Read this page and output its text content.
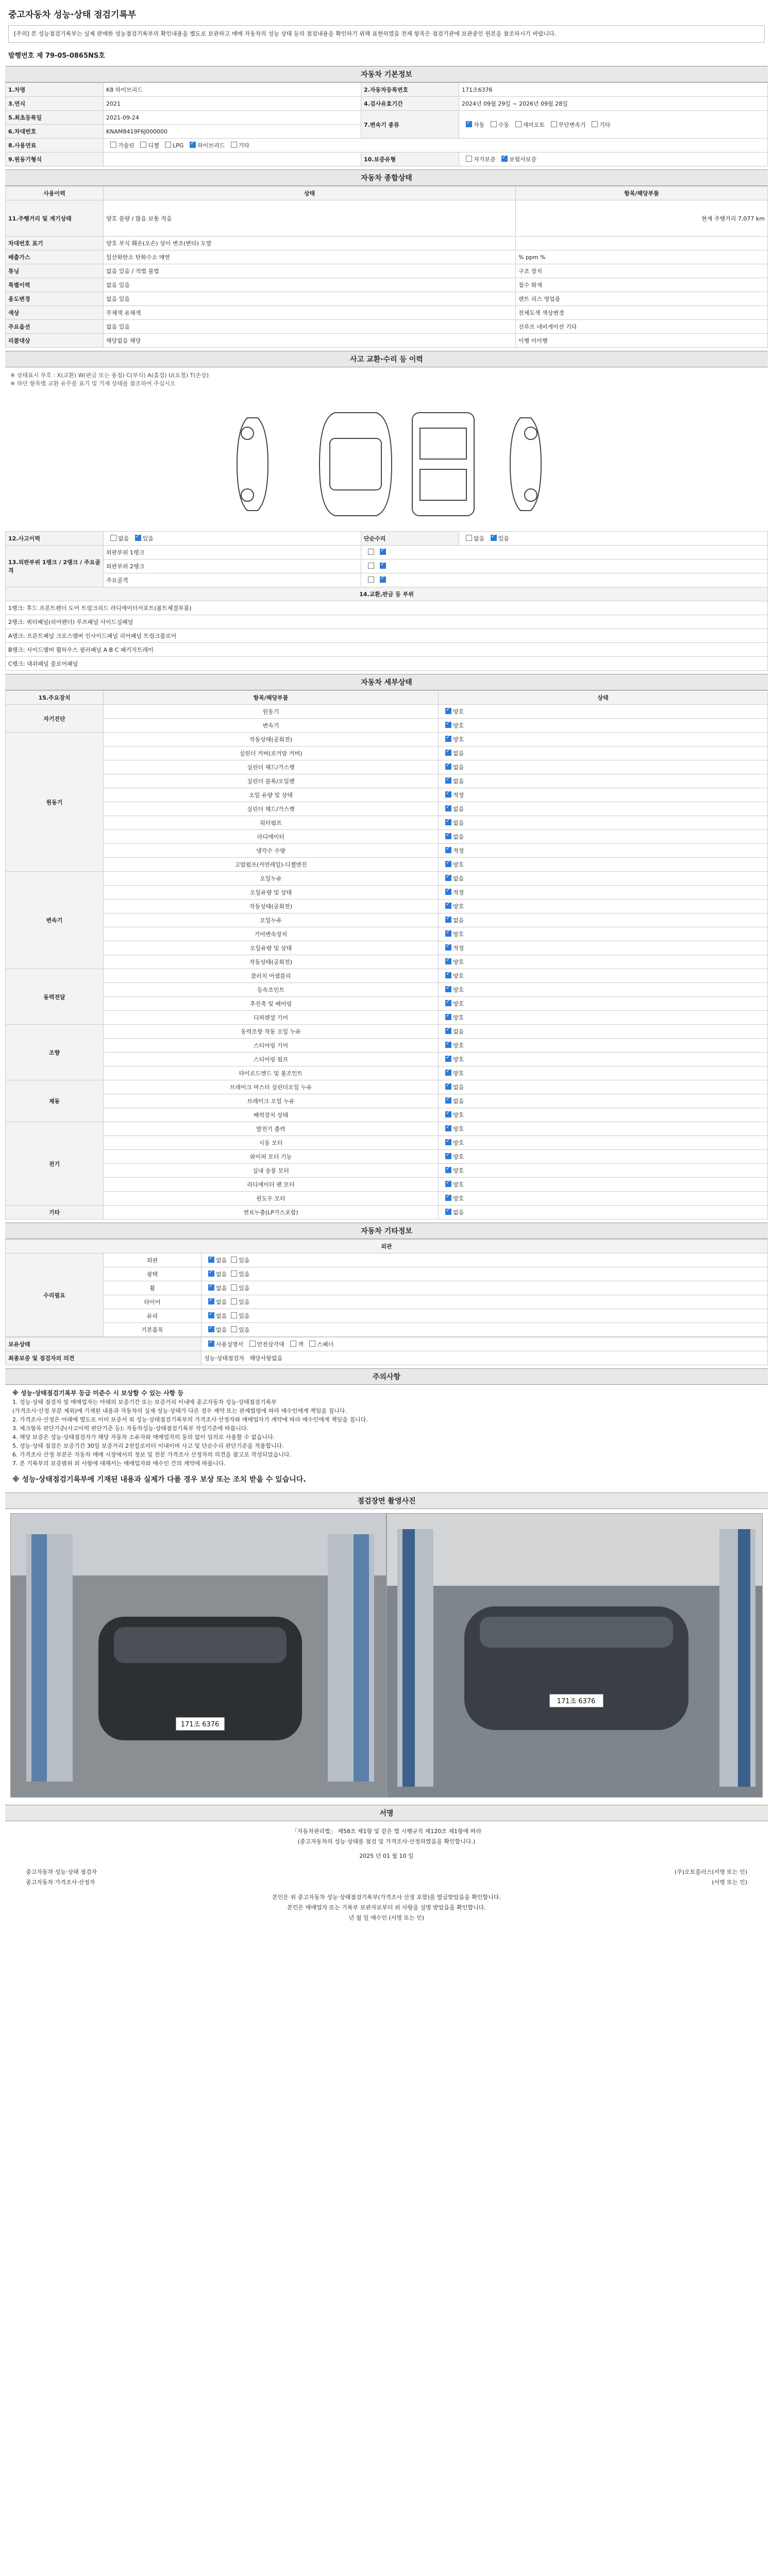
중고자동차 성능·상태 점검기록부
[주의] 본 성능점검기록부는 실제 판매한 성능점검기록부의 확인내용을 별도로 보관하고 매매 자동차의 성능 상태 등의 점검내용을 확인하기 위해 표현하였음 전체 항목은 점검기관에 보관중인 원본을 참조하시기 바랍니다.
발행번호 제 79-05-0865NS호
자동차 기본정보
1.차명	K8 하이브리드	2.자동차등록번호	171조6376
3.연식	2021	4.검사유효기간	2024년 09월 29일 ~ 2026년 09월 28일
5.최초등록일	2021-09-24	7.변속기 종류	✓자동 수동 세미오토 무단변속기 기타
6.차대번호	KNAM8419F6J000000		
8.사용연료	가솔린 디젤 LPG ✓ 하이브리드 기타
9.원동기형식		10.보증유형	자가보증 ✓ 보험사보증
자동차 종합상태
사용이력	상태	항목/해당부품
11.주행거리 및 계기상태	양호 불량 / 많음 보통 적음	현재 주행거리 7,077 km
차대번호 표기	양호 부식 훼손(오손) 상이 변조(변타) 도말	
배출가스	일산화탄소 탄화수소 매연	% ppm %
튜닝	없음 있음 / 적법 불법	구조 장치
특별이력	없음 있음	침수 화재
용도변경	없음 있음	렌트 리스 영업용
색상	무채색 유채색	전체도색 색상변경
주요옵션	없음 있음	선루프 네비게이션 기타
리콜대상	해당없음 해당	이행 미이행
사고 교환·수리 등 이력
※ 상태표시 부호 : X(교환) W(판금 또는 용접) C(부식) A(흠집) U(요철) T(손상)
※ 하단 항목별 교환 유무를 표기 및 기재 상태를 참조하여 주십시오
12.사고이력	없음 ✓ 있음	단순수리	없음 ✓ 있음
13.외판부위 1랭크 / 2랭크 / 주요골격	외판부위 1랭크	✓
	외판부위 2랭크	✓
	주요골격	✓
14.교환,판금 등 부위			
1랭크: 후드 프론트펜더 도어 트렁크리드 라디에이터서포트(볼트체결부품)			
2랭크: 쿼터패널(리어펜더) 루프패널 사이드실패널			
A랭크: 프론트패널 크로스멤버 인사이드패널 리어패널 트렁크플로어			
B랭크: 사이드멤버 휠하우스 필러패널 A B C 패키지트레이			
C랭크: 대쉬패널 플로어패널			
자동차 세부상태
15.주요장치	항목/해당부품	상태
자기진단	원동기	✓양호
	변속기	✓양호
원동기	작동상태(공회전)	✓양호
	실린더 커버(로커암 커버)	✓없음
	실린더 헤드/가스켓	✓없음
	실린더 블록/오일팬	✓없음
	오일 유량 및 상태	✓적정
	실린더 헤드/가스켓	✓없음
	워터펌프	✓없음
	라디에이터	✓없음
	냉각수 수량	✓적정
	고압펌프(커먼레일)-디젤엔진	✓양호
변속기	오일누유	✓없음
	오일유량 및 상태	✓적정
	작동상태(공회전)	✓양호
	오일누유	✓없음
	기어변속장치	✓양호
	오일유량 및 상태	✓적정
	작동상태(공회전)	✓양호
동력전달	클러치 어셈블리	✓양호
	등속조인트	✓양호
	추진축 및 베어링	✓양호
	디퍼렌셜 기어	✓양호
조향	동력조향 작동 오일 누유	✓없음
	스티어링 기어	✓양호
	스티어링 펌프	✓양호
	타이로드엔드 및 볼조인트	✓양호
제동	브레이크 마스터 실린더오일 누유	✓없음
	브레이크 오일 누유	✓없음
	배력장치 상태	✓양호
전기	발전기 출력	✓양호
	시동 모터	✓양호
	와이퍼 모터 기능	✓양호
	실내 송풍 모터	✓양호
	라디에이터 팬 모터	✓양호
	윈도우 모터	✓양호
기타	연료누출(LP가스포함)	✓없음
자동차 기타정보
외관		
수리필요	외판	✓없음 있음
	광택	✓없음 있음
	휠	✓없음 있음
	타이어	✓없음 있음
	유리	✓없음 있음
	기본품목	✓없음 있음
보유상태	✓사용설명서 안전삼각대 잭 스패너
최종보증 및 점검자의 의견	성능·상태점검자 해당사항없음
주의사항
※ 성능·상태점검기록부 등급 미준수 시 보상할 수 있는 사항 등
1. 성능·상태 점검자 및 매매업자는 아래의 보증기간 또는 보증거리 이내에 중고자동차 성능·상태점검기록부
(가격조사·산정 부분 제외)에 기재된 내용과 자동차의 실제 성능·상태가 다른 경우 계약 또는 관계법령에 따라 매수인에게 책임을 집니다.
2. 가격조사·산정은 아래에 별도로 이미 보증서 외 성능·상태점검기록부의 가격조사·산정자와 매매업자가 계약에 따라 매수인에게 책임을 집니다.
3. 체크항목 판단기준(사고이력 판단기준 등): 자동차성능·상태점검기록부 작성기준에 따릅니다.
4. 해당 보증은 성능·상태점검자가 해당 자동차 소유자와 매매업자의 동의 없이 임의로 사용할 수 없습니다.
5. 성능·상태 점검은 보증기간 30일 보증거리 2천킬로미터 이내이며 사고 및 단순수리 판단기준을 적용합니다.
6. 가격조사 산정 부분은 자동차 매매 시장에서의 정보 및 전문 가격조사 산정자의 의견을 참고로 작성되었습니다.
7. 본 기록부의 보증범위 외 사항에 대해서는 매매업자와 매수인 간의 계약에 따릅니다.
※ 성능·상태점검기록부에 기재된 내용과 실제가 다를 경우 보상 또는 조치 받을 수 있습니다.
점검장면 촬영사진
171조 6376
171조 6376
서명
「자동차관리법」 제58조 제1항 및 같은 법 시행규칙 제120조 제1항에 따라
(중고자동차의 성능·상태를 점검 및 가격조사·산정하였음을 확인합니다.)
2025 년 01 월 10 일
중고자동차 성능·상태 점검자	(주)오토플러스(서명 또는 인)
중고자동차 가격조사·산정자	(서명 또는 인)
본인은 위 중고자동차 성능·상태점검기록부(가격조사 산정 포함)를 발급받았음을 확인합니다.
본인은 매매업자 또는 기록부 보관자로부터 위 사항을 설명 받았음을 확인합니다.
년 월 일 매수인 (서명 또는 인)
